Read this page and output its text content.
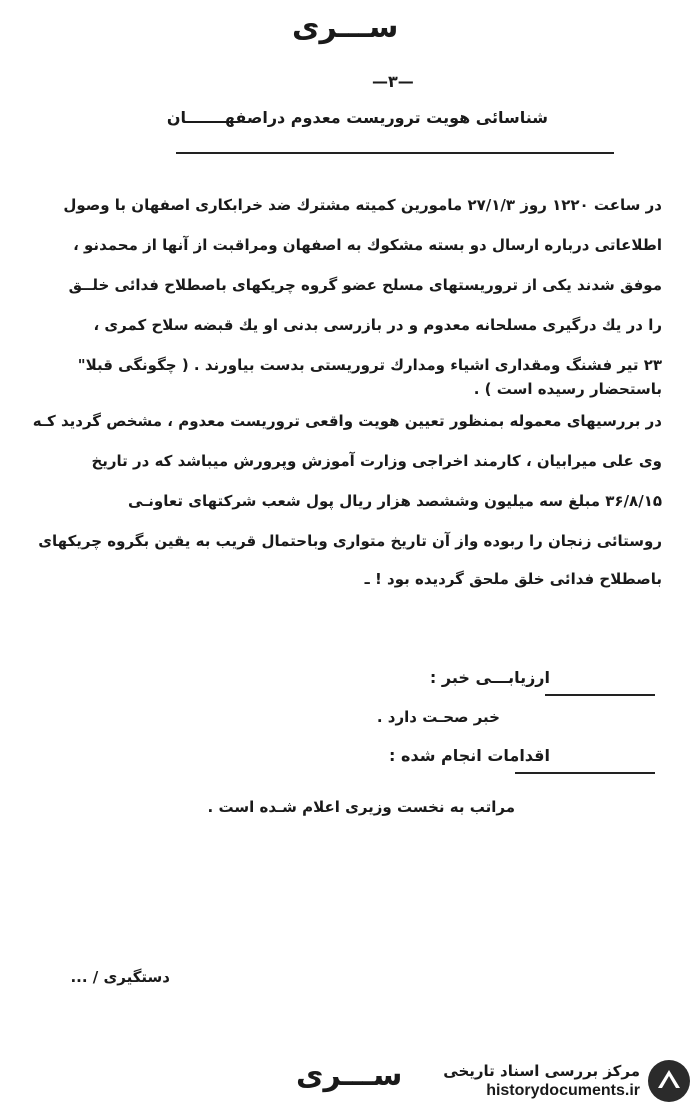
ســـرى
—٣—
شناسائى هويت تروريست معدوم دراصفهـــــــان
در ساعت ۱۲۲۰ روز ۲۷/۱/۳ مامورين كميته مشترك ضد خرابكارى اصفهان با وصول
اطلاعاتى درباره ارسال دو بسته مشكوك به اصفهان ومراقبت از آنها از محمدنو ،
موفق شدند يكى از تروريستهاى مسلح عضو گروه چريكهاى باصطلاح فدائى خلــق
را در يك درگيرى مسلحانه معدوم و در بازرسى بدنى او يك قبضه سلاح كمرى ،
٢٣ تير فشنگ ومقدارى اشياء ومدارك تروريستى بدست بياورند . ( چگونگى قبلا"
باستحضار رسيده است ) .
در بررسيهاى معموله بمنظور تعيين هويت واقعى تروريست معدوم ، مشخص گرديد كـه
وى على ميرابيان ، كارمند اخراجى وزارت آموزش وپرورش ميباشد كه در تاريخ
۳۶/۸/۱۵ مبلغ سه ميليون وششصد هزار ريال پول شعب شركتهاى تعاونـى
روستائى زنجان را ربوده واز آن تاريخ متوارى وباحتمال قريب به يقين بگروه چريكهاى
باصطلاح فدائى خلق ملحق گرديده بود ! ـ
ارزيابـــى خبر :
خبر صحـت دارد .
اقدامات انجام شده :
مراتب به نخست وزيرى اعلام شـده است .
دستگيرى / ...
ســـرى	مرکز بررسی اسناد تاریخی
historydocuments.ir
